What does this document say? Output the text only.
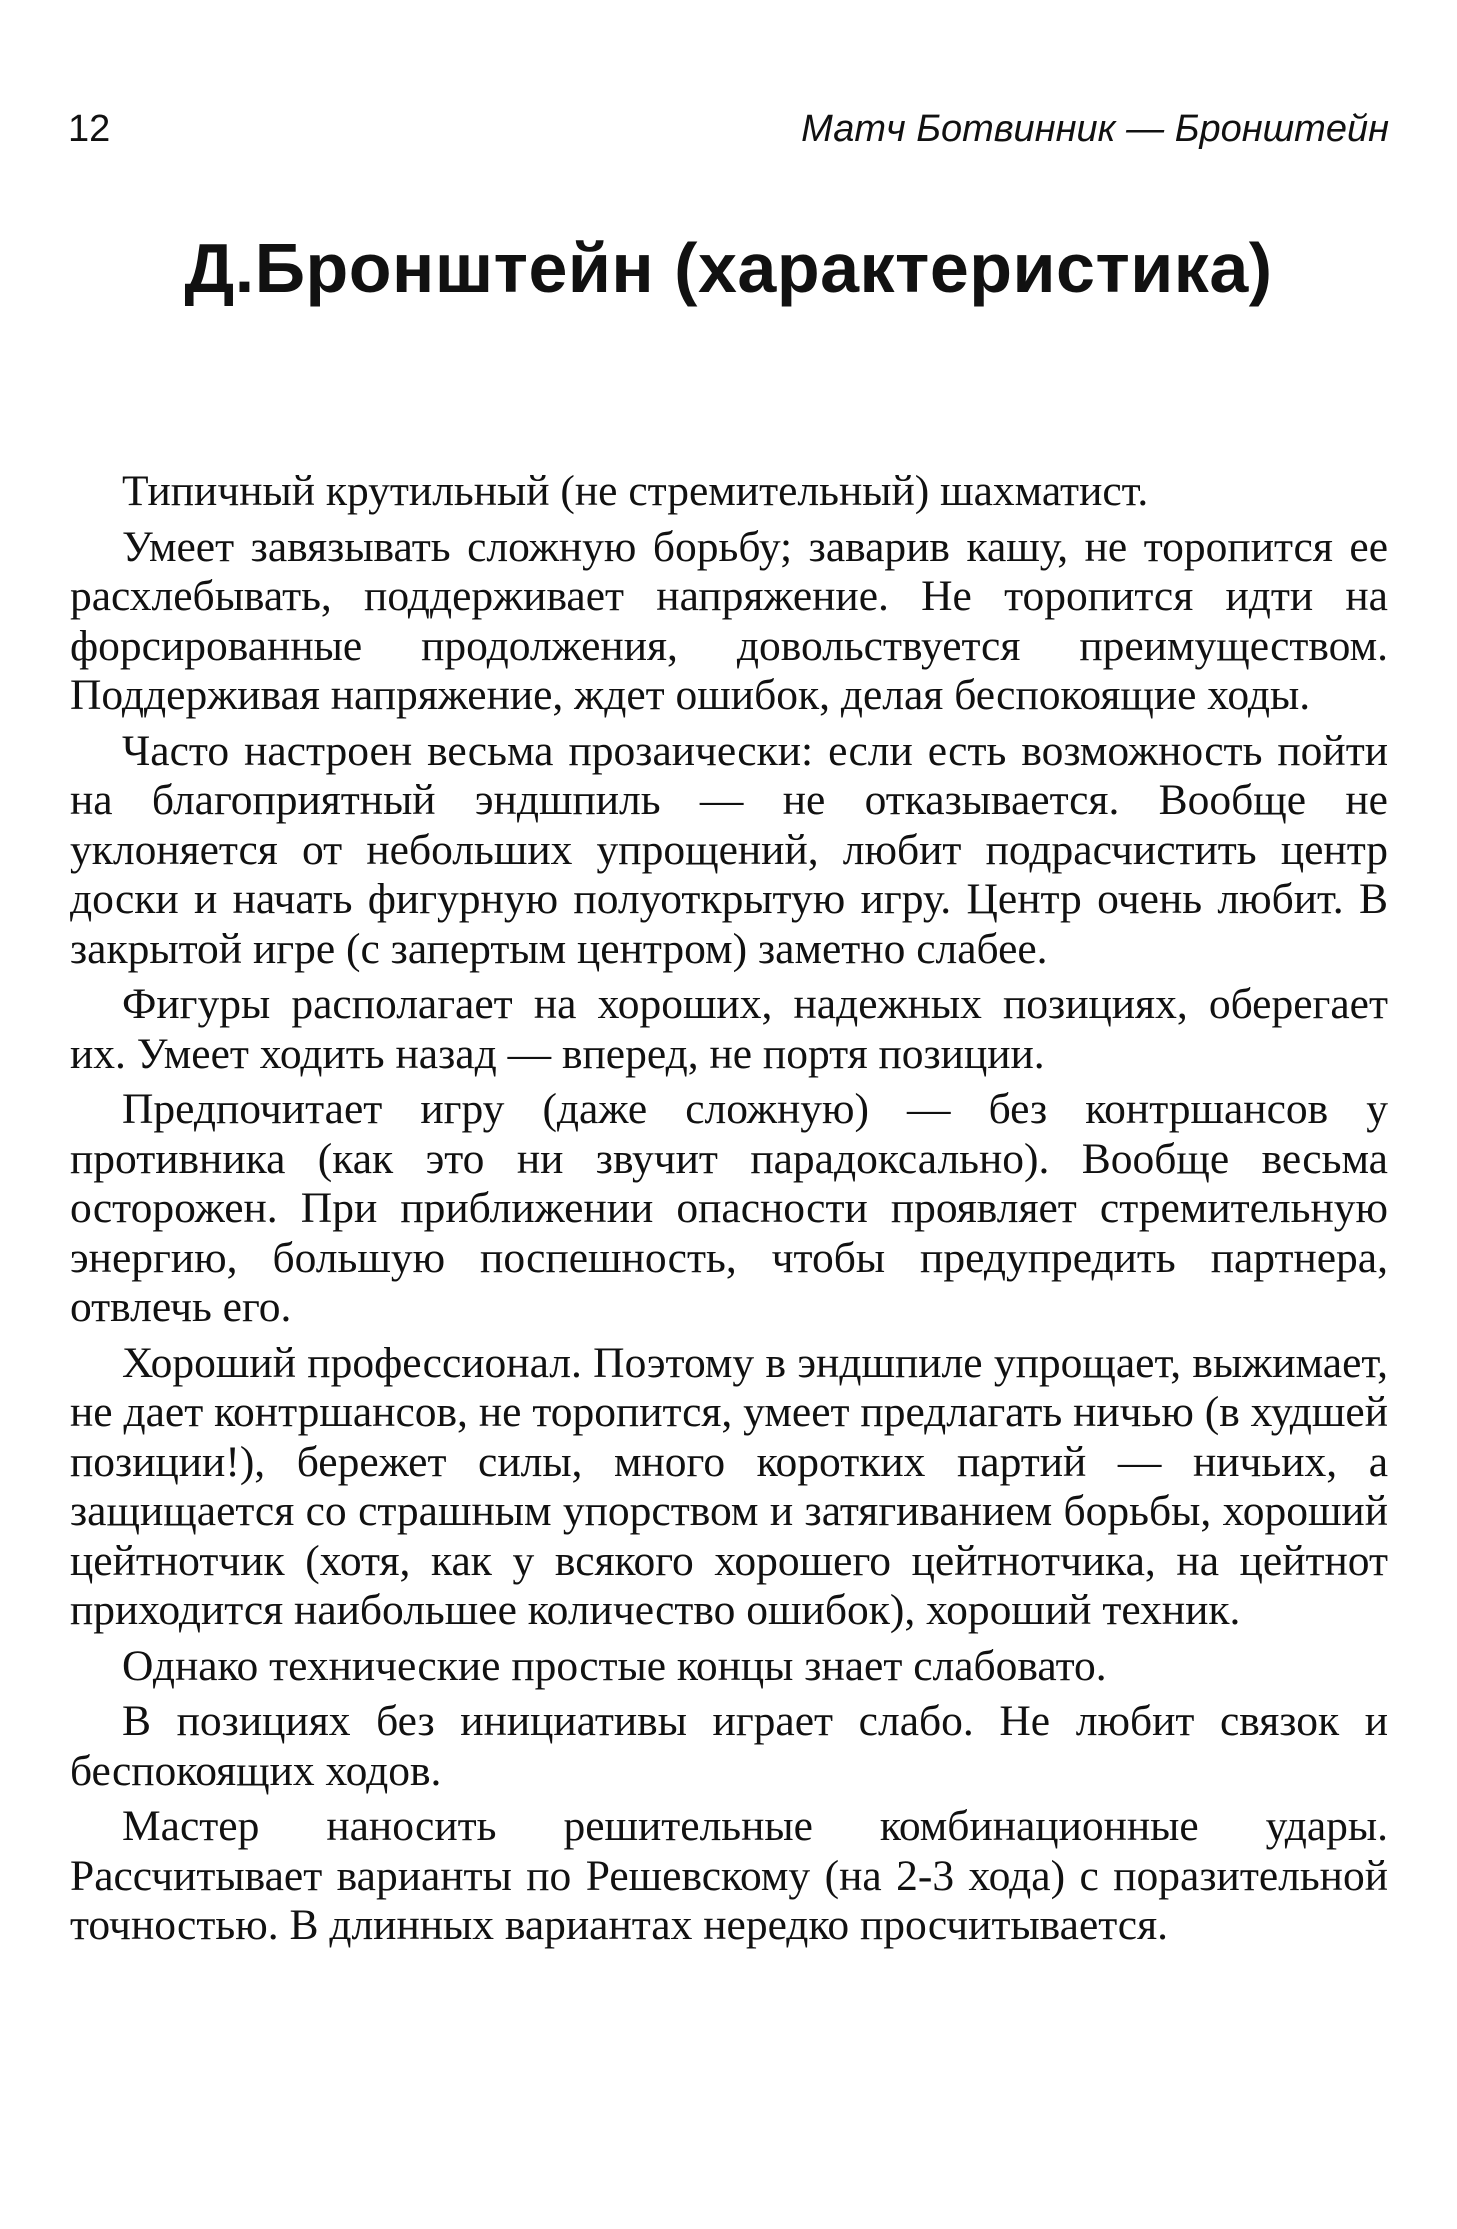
12	Матч Ботвинник — Бронштейн
Д.Бронштейн (характеристика)

Типичный крутильный (не стремительный) шахматист.

Умеет завязывать сложную борьбу; заварив кашу, не торопится ее расхлебывать, поддерживает напряжение. Не торопится идти на форсированные продолжения, довольствуется преимуществом. Поддерживая напряжение, ждет ошибок, делая беспокоящие ходы.

Часто настроен весьма прозаически: если есть возможность пойти на благоприятный эндшпиль — не отказывается. Вообще не уклоняется от небольших упрощений, любит подрасчистить центр доски и начать фигурную полуоткрытую игру. Центр очень любит. В закрытой игре (с запертым центром) заметно слабее.

Фигуры располагает на хороших, надежных позициях, оберегает их. Умеет ходить назад — вперед, не портя позиции.

Предпочитает игру (даже сложную) — без контршансов у противника (как это ни звучит парадоксально). Вообще весьма осторожен. При приближении опасности проявляет стремительную энергию, большую поспешность, чтобы предупредить партнера, отвлечь его.

Хороший профессионал. Поэтому в эндшпиле упрощает, выжимает, не дает контршансов, не торопится, умеет предлагать ничью (в худшей позиции!), бережет силы, много коротких партий — ничьих, а защищается со страшным упорством и затягиванием борьбы, хороший цейтнотчик (хотя, как у всякого хорошего цейтнотчика, на цейтнот приходится наибольшее количество ошибок), хороший техник.

Однако технические простые концы знает слабовато.

В позициях без инициативы играет слабо. Не любит связок и беспокоящих ходов.

Мастер наносить решительные комбинационные удары. Рассчитывает варианты по Решевскому (на 2-3 хода) с поразительной точностью. В длинных вариантах нередко просчитывается.
